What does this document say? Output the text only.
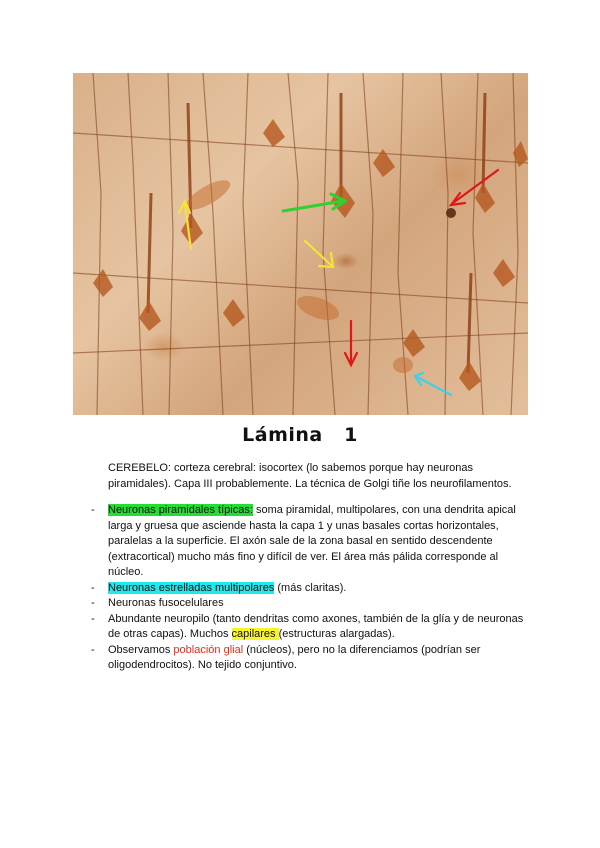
Lámina   1
CEREBELO: corteza cerebral: isocortex (lo sabemos porque hay neuronas piramidales). Capa III probablemente. La técnica de Golgi tiñe los neurofilamentos.
- Neuronas piramidales típicas: soma piramidal, multipolares, con una dendrita apical larga y gruesa que asciende hasta la capa 1 y unas basales cortas horizontales, paralelas a la superficie. El axón sale de la zona basal en sentido descendente (extracortical) mucho más fino y difícil de ver. El área más pálida corresponde al núcleo.
- Neuronas estrelladas multipolares (más claritas).
- Neuronas fusocelulares
- Abundante neuropilo (tanto dendritas como axones, también de la glía y de neuronas de otras capas). Muchos capilares (estructuras alargadas).
- Observamos población glial (núcleos), pero no la diferenciamos (podrían ser oligodendrocitos). No tejido conjuntivo.
